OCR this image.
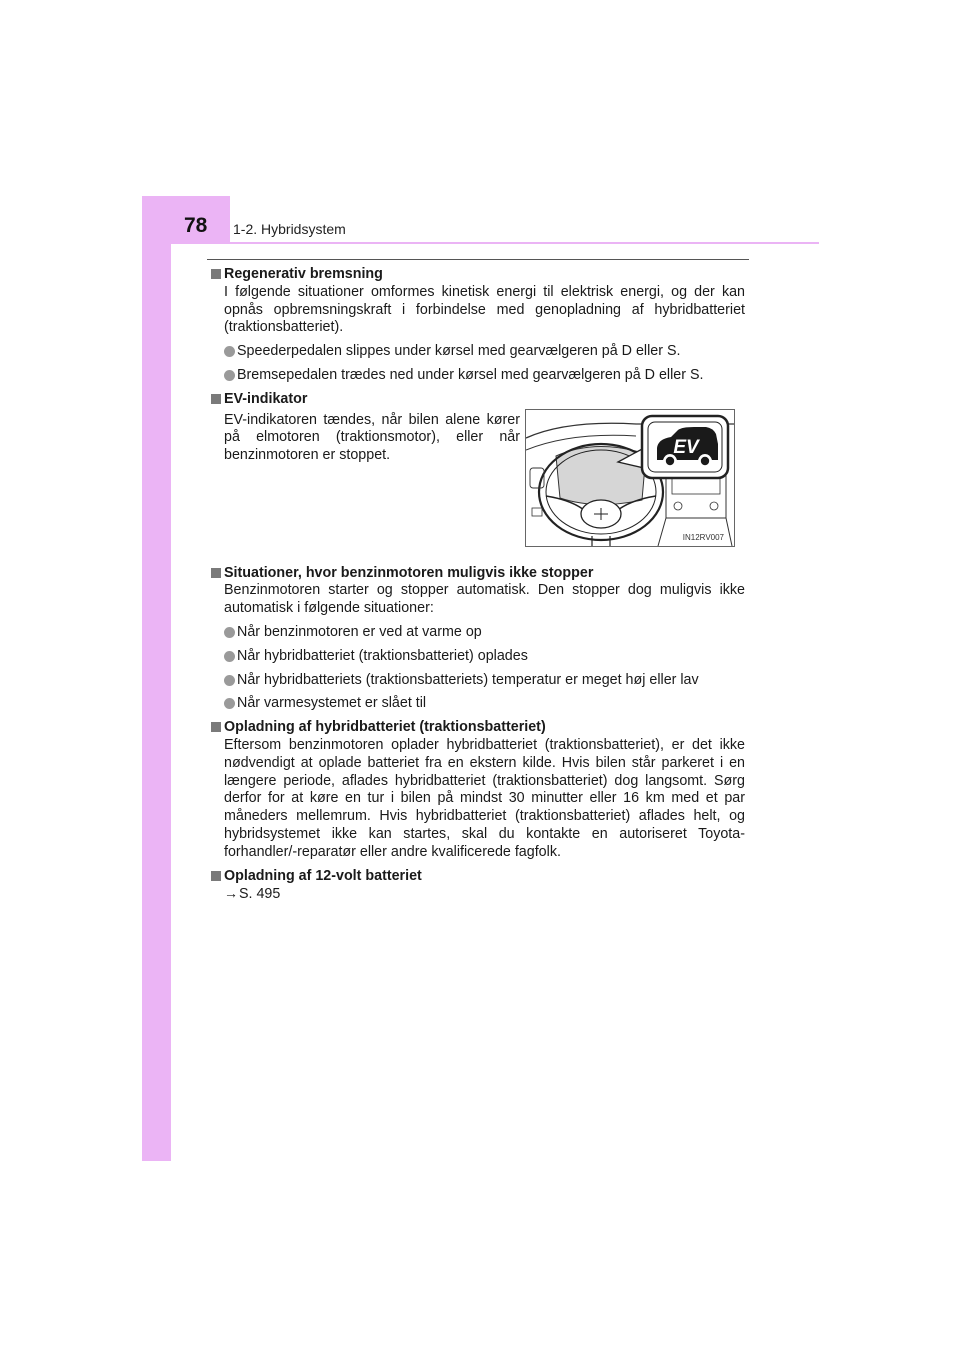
78 1-2. Hybridsystem
Regenerativ bremsning
I følgende situationer omformes kinetisk energi til elektrisk energi, og der kan opnås opbremsningskraft i forbindelse med genopladning af hybridbatteriet (traktionsbatteriet).
Speederpedalen slippes under kørsel med gearvælgeren på D eller S.
Bremsepedalen trædes ned under kørsel med gearvælgeren på D eller S.
EV-indikator
EV-indikatoren tændes, når bilen alene kører på elmotoren (traktionsmotor), eller når benzinmotoren er stoppet.	EV
IN12RV007
Situationer, hvor benzinmotoren muligvis ikke stopper
Benzinmotoren starter og stopper automatisk. Den stopper dog muligvis ikke automatisk i følgende situationer:
Når benzinmotoren er ved at varme op
Når hybridbatteriet (traktionsbatteriet) oplades
Når hybridbatteriets (traktionsbatteriets) temperatur er meget høj eller lav
Når varmesystemet er slået til
Opladning af hybridbatteriet (traktionsbatteriet)
Eftersom benzinmotoren oplader hybridbatteriet (traktionsbatteriet), er det ikke nødvendigt at oplade batteriet fra en ekstern kilde. Hvis bilen står parkeret i en længere periode, aflades hybridbatteriet (traktionsbatteriet) dog langsomt. Sørg derfor for at køre en tur i bilen på mindst 30 minutter eller 16 km med et par måneders mellemrum. Hvis hybridbatteriet (traktionsbatteriet) aflades helt, og hybridsystemet ikke kan startes, skal du kontakte en autoriseret Toyota-forhandler/-reparatør eller andre kvalificerede fagfolk.
Opladning af 12-volt batteriet
→S. 495
